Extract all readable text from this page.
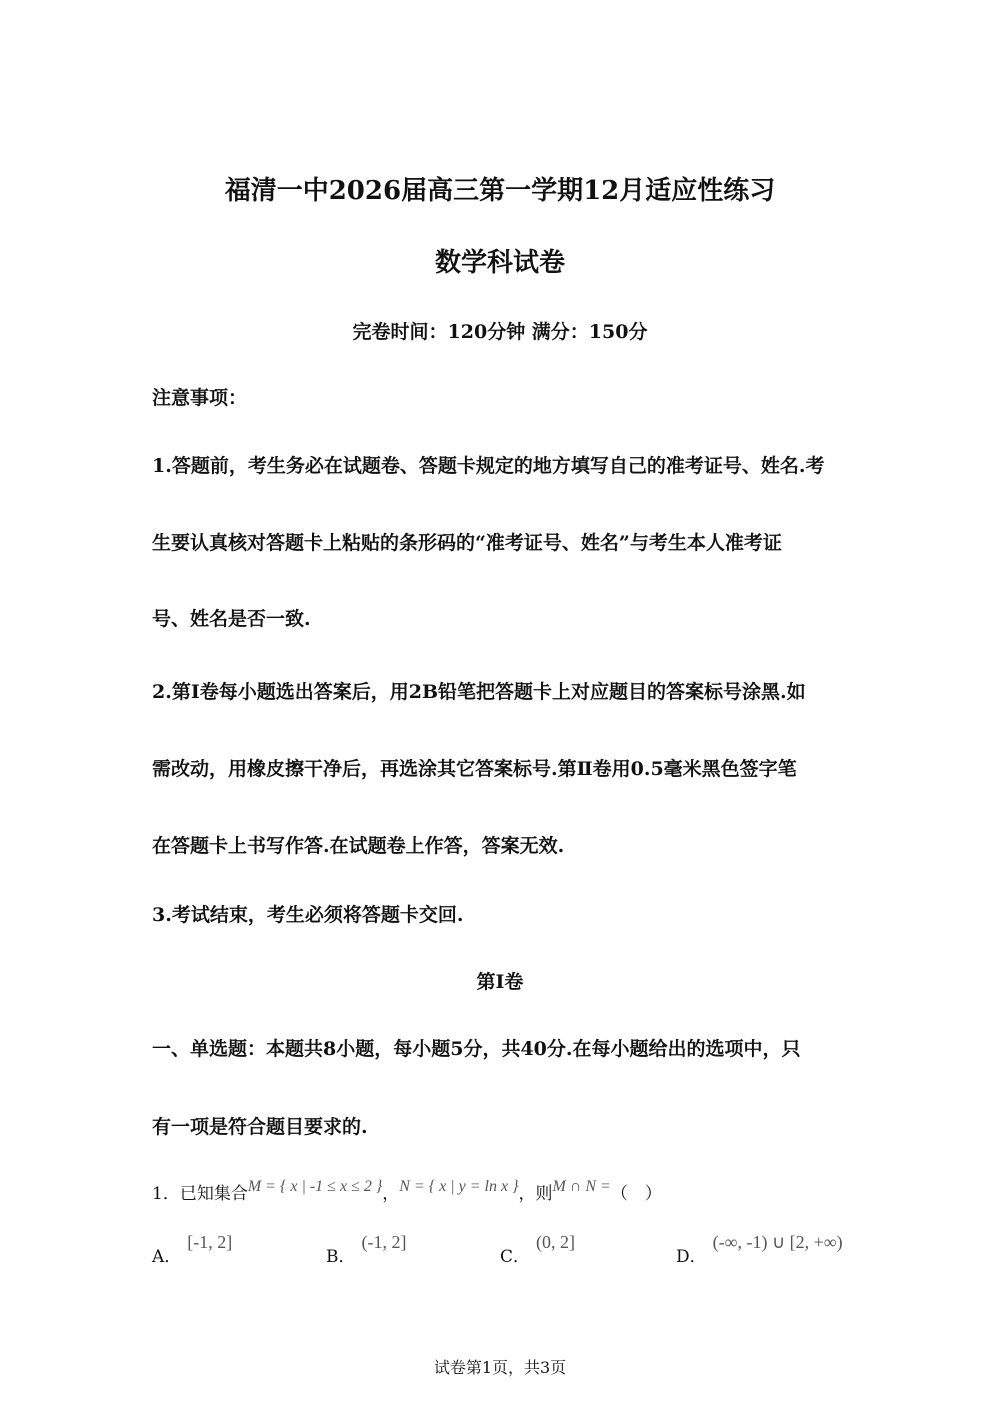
福清一中2026届高三第一学期12月适应性练习
数学科试卷
完卷时间：120分钟 满分：150分
注意事项：
1.答题前，考生务必在试题卷、答题卡规定的地方填写自己的准考证号、姓名.考
生要认真核对答题卡上粘贴的条形码的“准考证号、姓名”与考生本人准考证
号、姓名是否一致.
2.第Ⅰ卷每小题选出答案后，用2B铅笔把答题卡上对应题目的答案标号涂黑.如
需改动，用橡皮擦干净后，再选涂其它答案标号.第Ⅱ卷用0.5毫米黑色签字笔
在答题卡上书写作答.在试题卷上作答，答案无效.
3.考试结束，考生必须将答题卡交回.
第Ⅰ卷
一、单选题：本题共8小题，每小题5分，共40分.在每小题给出的选项中，只
有一项是符合题目要求的.
1．已知集合M = { x | -1 ≤ x ≤ 2 }，N = { x | y = ln x }，则M ∩ N =（　）
A．[-1, 2]
B．(-1, 2]
C．(0, 2]
D．(-∞, -1) ∪ [2, +∞)
试卷第1页，共3页
